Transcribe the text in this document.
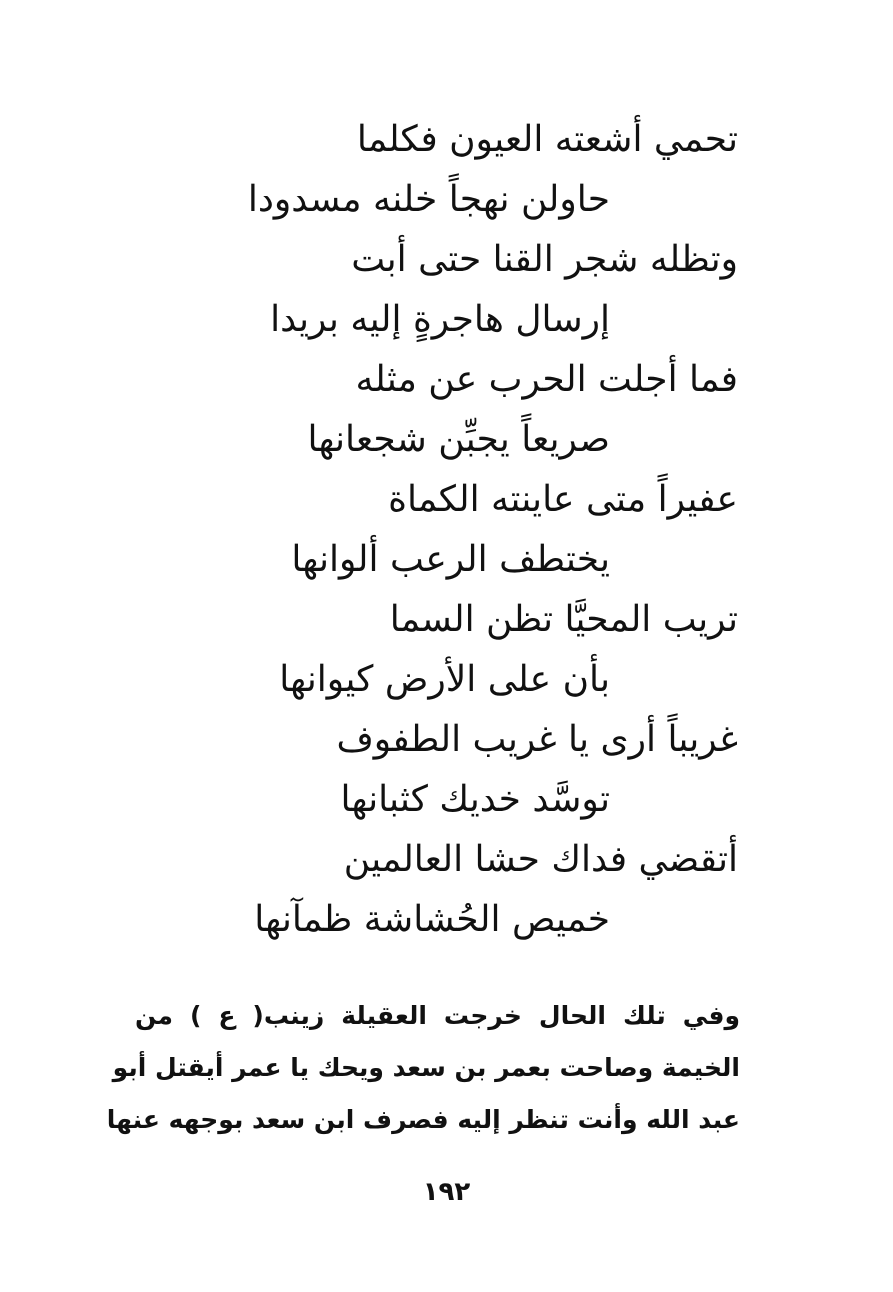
تحمي أشعته العيون فكلما
حاولن نهجاً خلنه مسدودا
وتظله شجر القنا حتى أبت
إرسال هاجرةٍ إليه بريدا
فما أجلت الحرب عن مثله
صريعاً يجبِّن شجعانها
عفيراً متى عاينته الكماة
يختطف الرعب ألوانها
تريب المحيَّا تظن السما
بأن على الأرض كيوانها
غريباً أرى يا غريب الطفوف
توسَّد خديك كثبانها
أتقضي فداك حشا العالمين
خميص الحُشاشة ظمآنها
وفي تلك الحال خرجت العقيلة زينب( ع ) من
الخيمة وصاحت بعمر بن سعد ويحك يا عمر أيقتل أبو
عبد الله وأنت تنظر إليه فصرف ابن سعد بوجهه عنها
١٩٢
